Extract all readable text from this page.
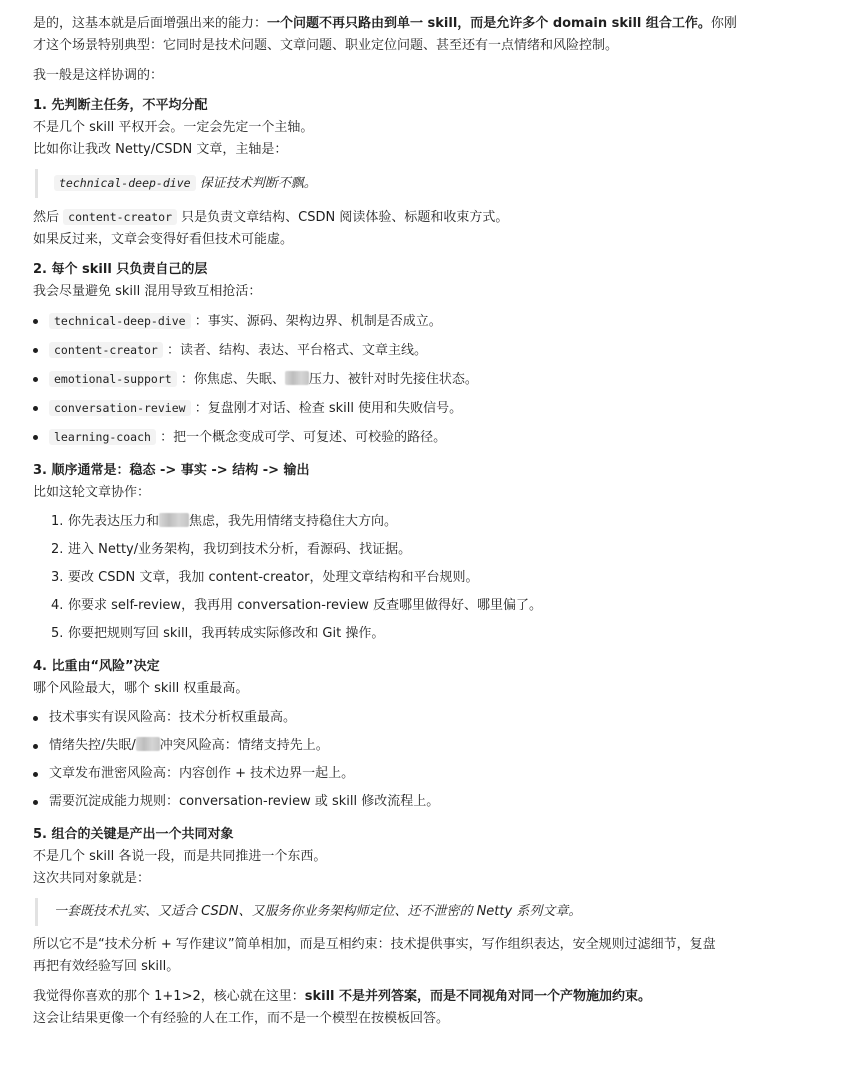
是的，这基本就是后面增强出来的能力：一个问题不再只路由到单一 skill，而是允许多个 domain skill 组合工作。你刚
才这个场景特别典型：它同时是技术问题、文章问题、职业定位问题、甚至还有一点情绪和风险控制。

我一般是这样协调的：

1. 先判断主任务，不平均分配

不是几个 skill 平权开会。一定会先定一个主轴。

比如你让我改 Netty/CSDN 文章，主轴是：

technical-deep-dive 保证技术判断不飘。

然后 content-creator 只是负责文章结构、CSDN 阅读体验、标题和收束方式。

如果反过来，文章会变得好看但技术可能虚。

2. 每个 skill 只负责自己的层

我会尽量避免 skill 混用导致互相抢活：

technical-deep-dive ：事实、源码、架构边界、机制是否成立。
content-creator ：读者、结构、表达、平台格式、文章主线。
emotional-support ：你焦虑、失眠、 压力、被针对时先接住状态。
conversation-review ：复盘刚才对话、检查 skill 使用和失败信号。
learning-coach ：把一个概念变成可学、可复述、可校验的路径。
3. 顺序通常是：稳态 -> 事实 -> 结构 -> 输出

比如这轮文章协作：

1. 你先表达压力和 焦虑，我先用情绪支持稳住大方向。
2. 进入 Netty/业务架构，我切到技术分析，看源码、找证据。
3. 要改 CSDN 文章，我加 content-creator，处理文章结构和平台规则。
4. 你要求 self-review，我再用 conversation-review 反查哪里做得好、哪里偏了。
5. 你要把规则写回 skill，我再转成实际修改和 Git 操作。
4. 比重由“风险”决定

哪个风险最大，哪个 skill 权重最高。

技术事实有误风险高：技术分析权重最高。
情绪失控/失眠/ 冲突风险高：情绪支持先上。
文章发布泄密风险高：内容创作 + 技术边界一起上。
需要沉淀成能力规则：conversation-review 或 skill 修改流程上。
5. 组合的关键是产出一个共同对象

不是几个 skill 各说一段，而是共同推进一个东西。

这次共同对象就是：

一套既技术扎实、又适合 CSDN、又服务你业务架构师定位、还不泄密的 Netty 系列文章。

所以它不是“技术分析 + 写作建议”简单相加，而是互相约束：技术提供事实，写作组织表达，安全规则过滤细节，复盘
再把有效经验写回 skill。

我觉得你喜欢的那个 1+1>2，核心就在这里：skill 不是并列答案，而是不同视角对同一个产物施加约束。
这会让结果更像一个有经验的人在工作，而不是一个模型在按模板回答。
